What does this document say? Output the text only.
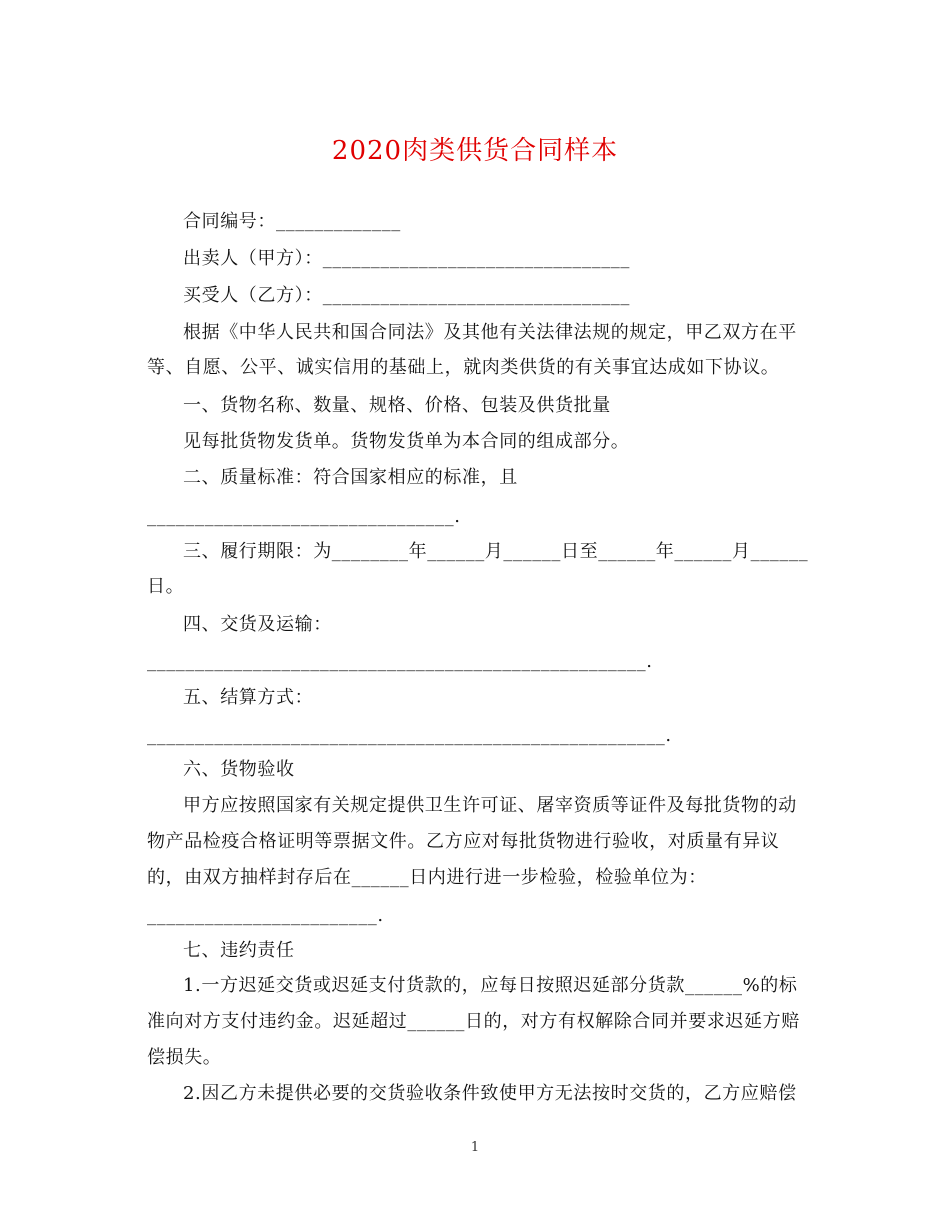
2020肉类供货合同样本
合同编号：_____________
出卖人（甲方）：________________________________
买受人（乙方）：________________________________
根据《中华人民共和国合同法》及其他有关法律法规的规定，甲乙双方在平
等、自愿、公平、诚实信用的基础上，就肉类供货的有关事宜达成如下协议。
一、货物名称、数量、规格、价格、包装及供货批量
见每批货物发货单。货物发货单为本合同的组成部分。
二、质量标准：符合国家相应的标准，且
________________________________.
三、履行期限：为________年______月______日至______年______月______
日。
四、交货及运输：
____________________________________________________.
五、结算方式：
______________________________________________________.
六、货物验收
甲方应按照国家有关规定提供卫生许可证、屠宰资质等证件及每批货物的动
物产品检疫合格证明等票据文件。乙方应对每批货物进行验收，对质量有异议
的，由双方抽样封存后在______日内进行进一步检验，检验单位为：
________________________.
七、违约责任
1.一方迟延交货或迟延支付货款的，应每日按照迟延部分货款______%的标
准向对方支付违约金。迟延超过______日的，对方有权解除合同并要求迟延方赔
偿损失。
2.因乙方未提供必要的交货验收条件致使甲方无法按时交货的，乙方应赔偿
1
